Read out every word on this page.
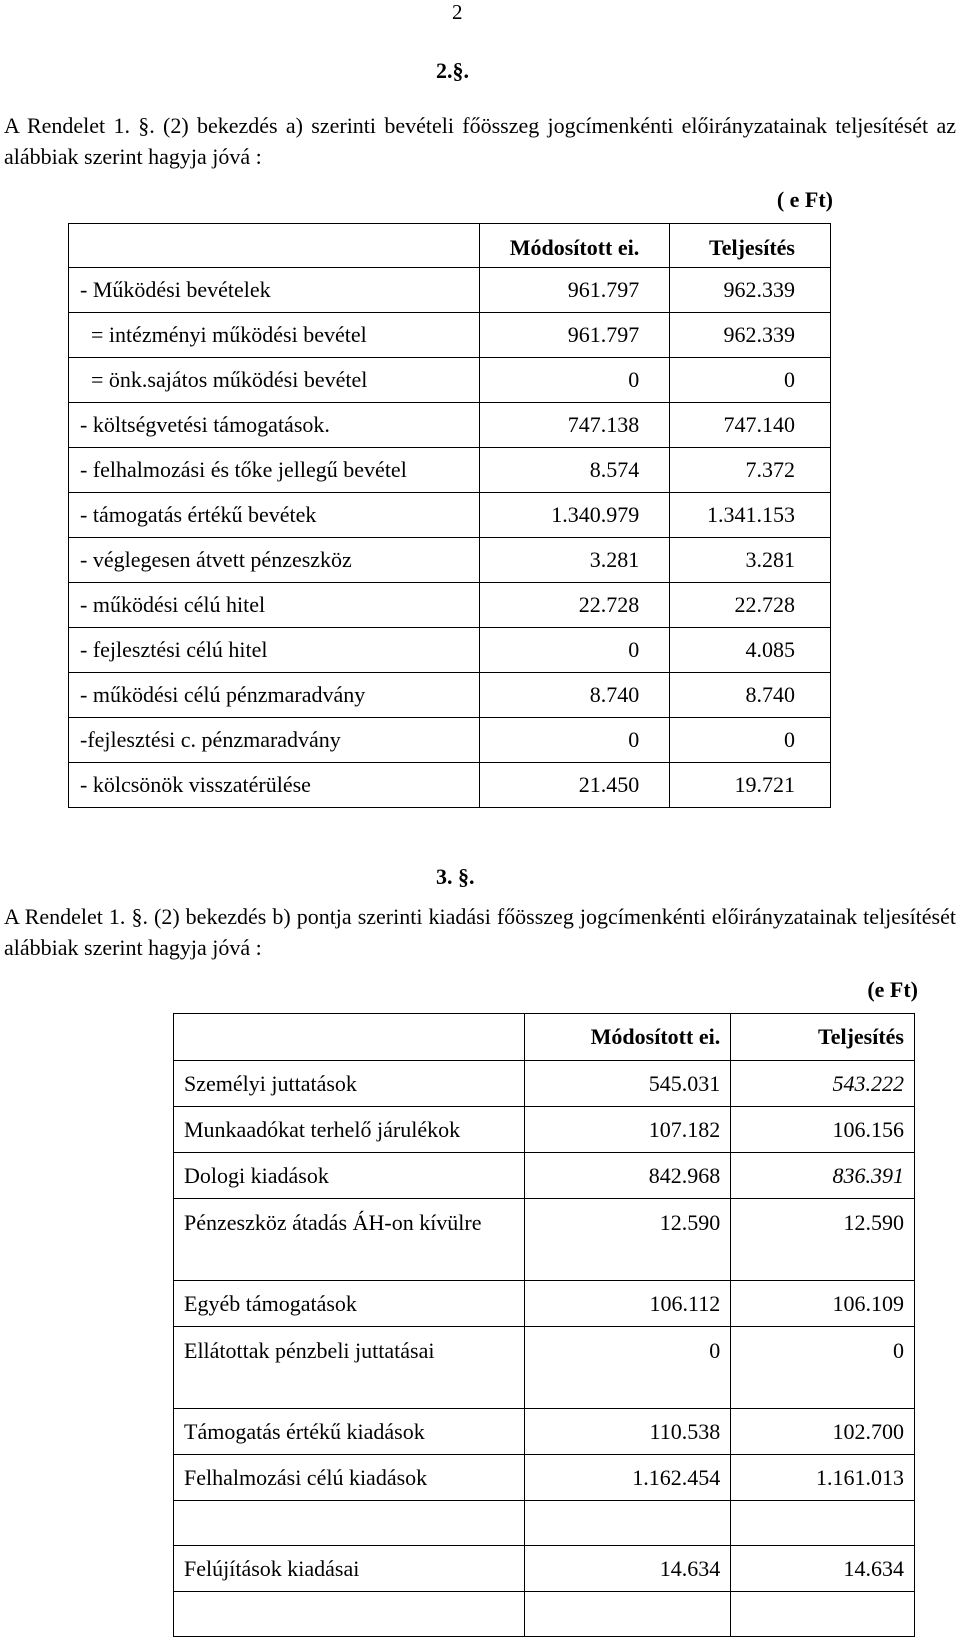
2
2.§.
A Rendelet 1. §. (2) bekezdés a) szerinti bevételi főösszeg jogcímenkénti előirányzatainak teljesítését az alábbiak szerint hagyja jóvá :
( e Ft)
	Módosított ei.	Teljesítés
- Működési bevételek	961.797	962.339
= intézményi működési bevétel	961.797	962.339
= önk.sajátos működési bevétel	0	0
- költségvetési támogatások.	747.138	747.140
- felhalmozási és tőke jellegű bevétel	8.574	7.372
- támogatás értékű bevétek	1.340.979	1.341.153
- véglegesen átvett pénzeszköz	3.281	3.281
- működési célú hitel	22.728	22.728
- fejlesztési célú hitel	0	4.085
- működési célú pénzmaradvány	8.740	8.740
-fejlesztési c. pénzmaradvány	0	0
- kölcsönök visszatérülése	21.450	19.721
3. §.
A Rendelet 1. §. (2) bekezdés b) pontja szerinti kiadási főösszeg jogcímenkénti előirányzatainak teljesítését alábbiak szerint hagyja jóvá :
(e Ft)
	Módosított ei.	Teljesítés
Személyi juttatások	545.031	543.222
Munkaadókat terhelő járulékok	107.182	106.156
Dologi kiadások	842.968	836.391
Pénzeszköz átadás ÁH-on kívülre	12.590	12.590
Egyéb támogatások	106.112	106.109
Ellátottak pénzbeli juttatásai	0	0
Támogatás értékű kiadások	110.538	102.700
Felhalmozási célú kiadások	1.162.454	1.161.013

Felújítások kiadásai	14.634	14.634
